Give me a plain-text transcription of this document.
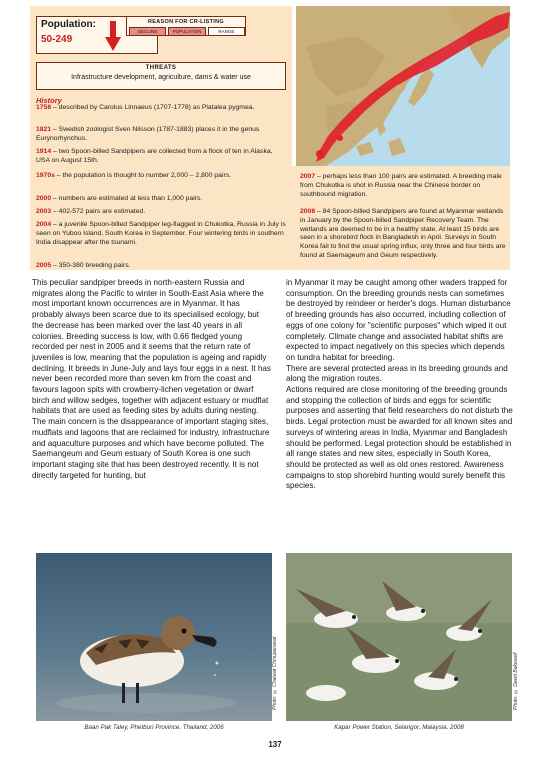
Population:
50-249
REASON FOR CR-LISTING
DECLINE	POPULATION	RANGE
THREATS
Infrastructure development, agriculture, dams & water use
History
1758 – described by Carolus Linnaeus (1707-1778) as Platalea pygmea.
1821 – Swedish zoologist Sven Nilsson (1787-1883) places it in the genus Eurynorhynchus.
1914 – two Spoon-billed Sandpipers are collected from a flock of ten in Alaska, USA on August 15th.
1970s – the population is thought to number 2,000 – 2,800 pairs.
2000 – numbers are estimated at less than 1,000 pairs.
2003 – 402-572 pairs are estimated.
2004 – a juvenile Spoon-billed Sandpiper leg-flagged in Chukotka, Russia in July is seen on Yuboo Island, South Korea in September. Four wintering birds in southern India disappear after the tsunami.
2005 – 350-380 breeding pairs.
2007 – perhaps less than 100 pairs are estimated. A breeding male from Chukotka is shot in Russia near the Chinese border on southbound migration.
2008 – 84 Spoon-billed Sandpipers are found at Myanmar wetlands in January by the Spoon-billed Sandpiper Recovery Team. The wetlands are deemed to be in a healthy state. At least 15 birds are seen in a shorebird flock in Bangladesh in April. Surveys in South Korea fail to find the usual spring influx, only three and four birds are found at Saemageum and Geum respectively.
This peculiar sandpiper breeds in north-eastern Russia and migrates along the Pacific to winter in South-East Asia where the most important known occurrences are in Myanmar. It has probably always been scarce due to its specialised ecology, but the decrease has been marked over the last 40 years in all colonies. Breeding success is low, with 0.66 fledged young recorded per nest in 2005 and it seems that the return rate of juveniles is low, meaning that the population is ageing and rapidly declining. It breeds in June-July and lays four eggs in a nest. It has never been recorded more than seven km from the coast and favours lagoon spits with crowberry-lichen vegetation or dwarf birch and willow sedges, together with adjacent estuary or mudflat habitats that are used as feeding sites by adults during nesting.
The main concern is the disappearance of important staging sites, mudflats and lagoons that are reclaimed for industry, infrastructure and aquaculture purposes and which have become polluted. The Saemangeum and Geum estuary of South Korea is one such important staging site that has been destroyed recently. It is not directly targeted for hunting, but
in Myanmar it may be caught among other waders trapped for consumption. On the breeding grounds nests can sometimes be destroyed by reindeer or herder's dogs. Human disturbance of breeding grounds has also occurred, including collection of eggs of one colony for "scientific purposes" which wiped it out completely. Climate change and associated habitat shifts are expected to impact negatively on this species which depends on tundra habitat for breeding.
There are several protected areas in its breeding grounds and along the migration routes.
Actions required are close monitoring of the breeding grounds and stopping the collection of birds and eggs for scientific purposes and asserting that field researchers do not disturb the birds. Legal protection must be awarded for all known sites and surveys of wintering areas in India, Myanmar and Bangladesh should be performed. Legal protection should be established in all range states and new sites, especially in South Korea, should be protected as well as old ones restored. Awareness campaigns to stop shorebird hunting would surely benefit this species.
Photo: © Chaiwat Chinuparawat
Baan Pak Taley, Phetburi Province, Thailand, 2006
Photo: © David Bakewell
Kapar Power Station, Selangor, Malaysia, 2008
137
